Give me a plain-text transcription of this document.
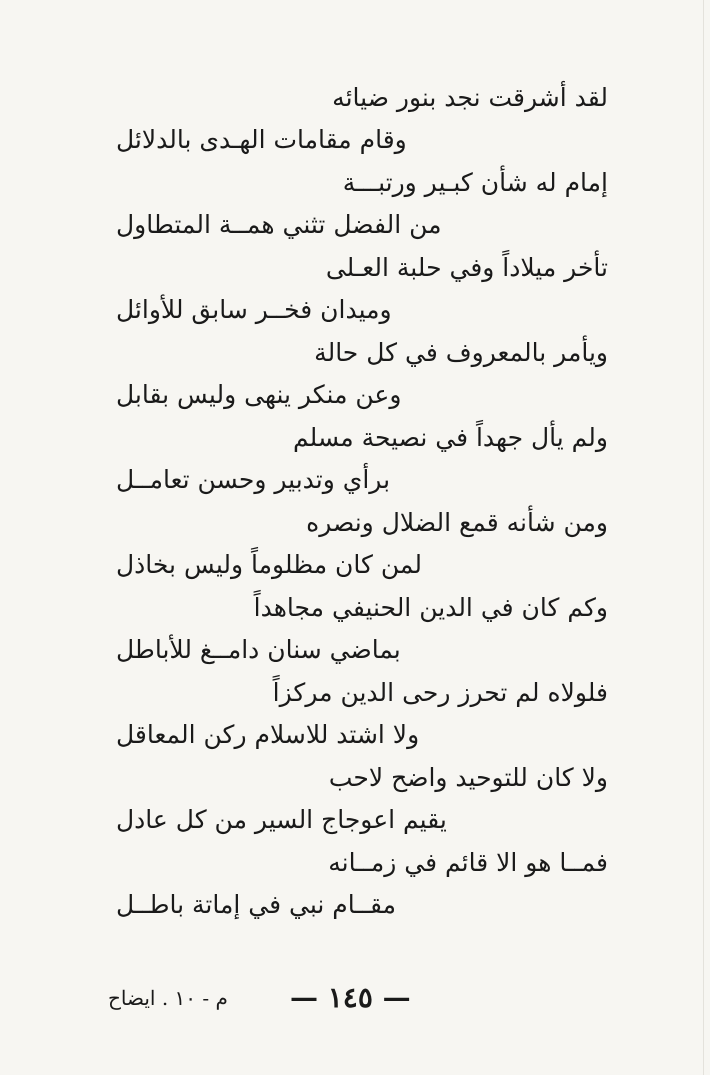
لقد أشرقت نجد بنور ضيائه
وقام مقامات الهـدى بالدلائل
إمام له شأن كبـير ورتبـــة
من الفضل تثني همــة المتطاول
تأخر ميلاداً وفي حلبة العـلى
وميدان فخــر سابق للأوائل
ويأمر بالمعروف في كل حالة
وعن منكر ينهى وليس بقابل
ولم يأل جهداً في نصيحة مسلم
برأي وتدبير وحسن تعامــل
ومن شأنه قمع الضلال ونصره
لمن كان مظلوماً وليس بخاذل
وكم كان في الدين الحنيفي مجاهداً
بماضي سنان دامــغ للأباطل
فلولاه لم تحرز رحى الدين مركزاً
ولا اشتد للاسلام ركن المعاقل
ولا كان للتوحيد واضح لاحب
يقيم اعوجاج السير من كل عادل
فمــا هو الا قائم في زمــانه
مقــام نبي في إماتة باطــل
— ١٤٥ —
م - ١٠ . ايضاح
